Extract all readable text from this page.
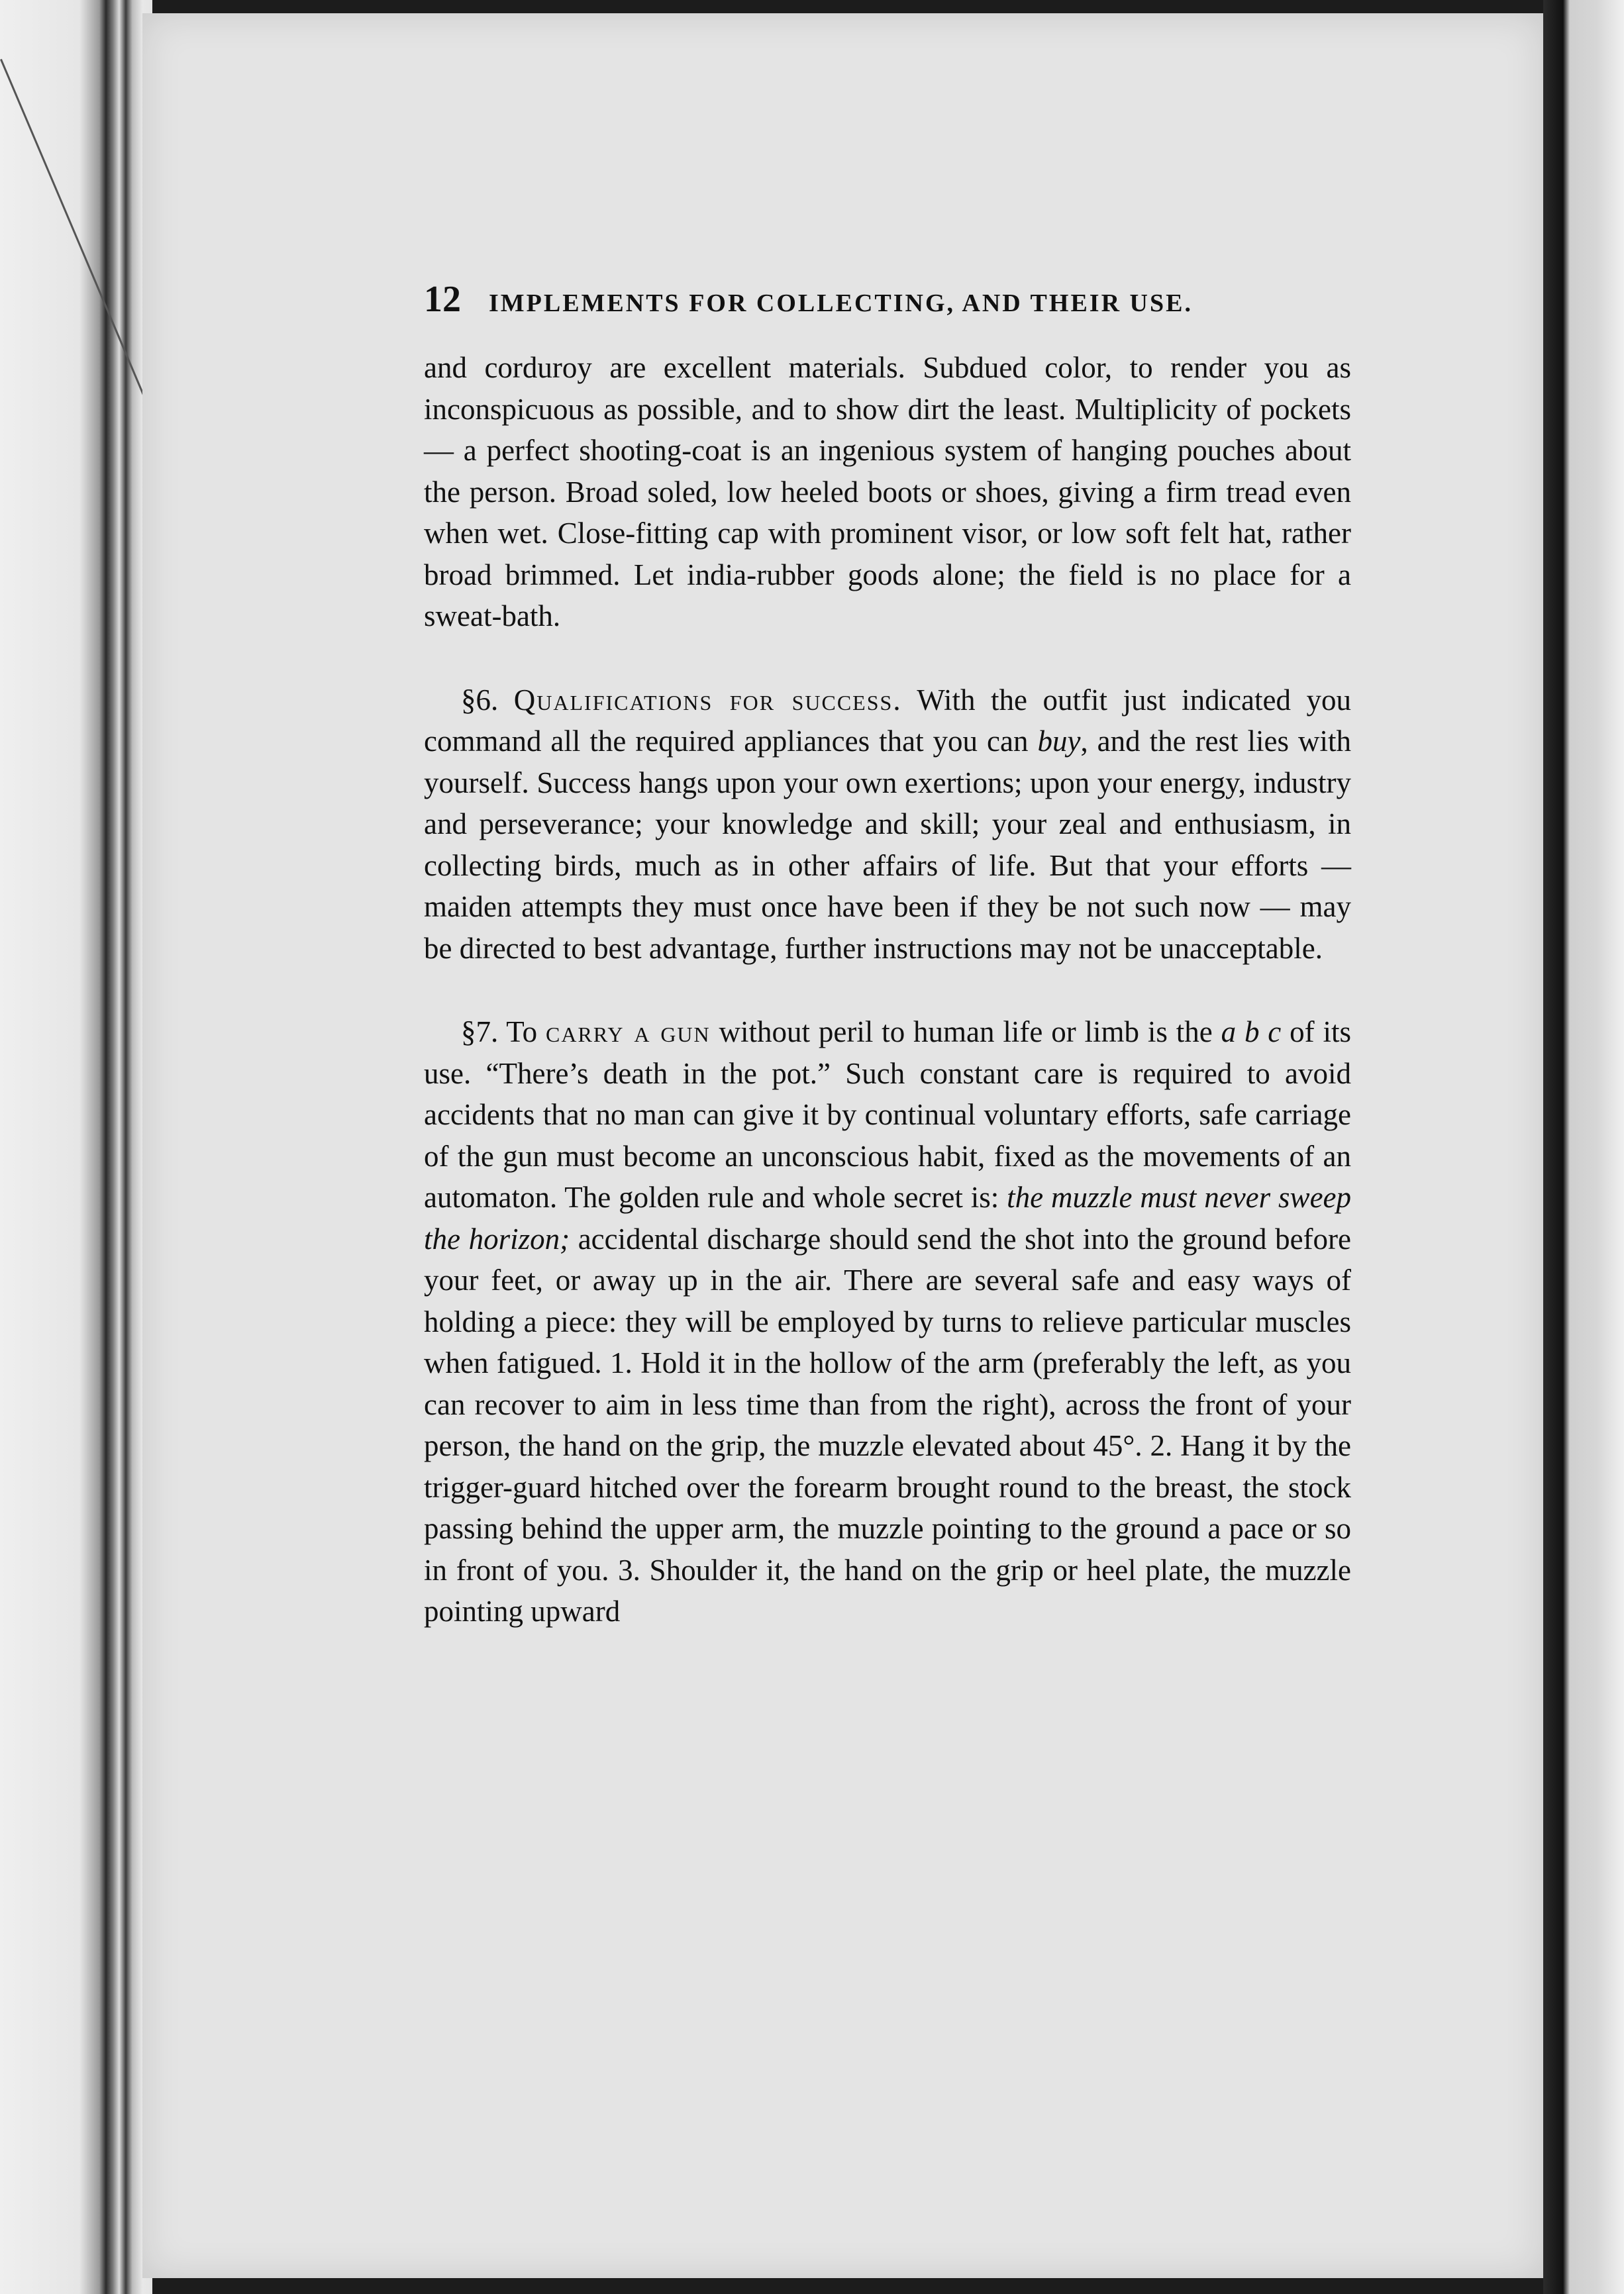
12 IMPLEMENTS FOR COLLECTING, AND THEIR USE.

and corduroy are excellent materials. Subdued color, to render you as inconspicuous as possible, and to show dirt the least. Multiplicity of pockets — a perfect shooting-coat is an ingenious system of hanging pouches about the person. Broad soled, low heeled boots or shoes, giving a firm tread even when wet. Close-fitting cap with prominent visor, or low soft felt hat, rather broad brimmed. Let india-rubber goods alone; the field is no place for a sweat-bath.

§6. Qualifications for success. With the outfit just indicated you command all the required appliances that you can buy, and the rest lies with yourself. Success hangs upon your own exertions; upon your energy, industry and perseverance; your knowledge and skill; your zeal and enthusiasm, in collecting birds, much as in other affairs of life. But that your efforts — maiden attempts they must once have been if they be not such now — may be directed to best advantage, further instructions may not be unacceptable.

§7. To carry a gun without peril to human life or limb is the a b c of its use. “There’s death in the pot.” Such constant care is required to avoid accidents that no man can give it by continual voluntary efforts, safe carriage of the gun must become an unconscious habit, fixed as the movements of an automaton. The golden rule and whole secret is: the muzzle must never sweep the horizon; accidental discharge should send the shot into the ground before your feet, or away up in the air. There are several safe and easy ways of holding a piece: they will be employed by turns to relieve particular muscles when fatigued. 1. Hold it in the hollow of the arm (preferably the left, as you can recover to aim in less time than from the right), across the front of your person, the hand on the grip, the muzzle elevated about 45°. 2. Hang it by the trigger-guard hitched over the forearm brought round to the breast, the stock passing behind the upper arm, the muzzle pointing to the ground a pace or so in front of you. 3. Shoulder it, the hand on the grip or heel plate, the muzzle pointing upward
